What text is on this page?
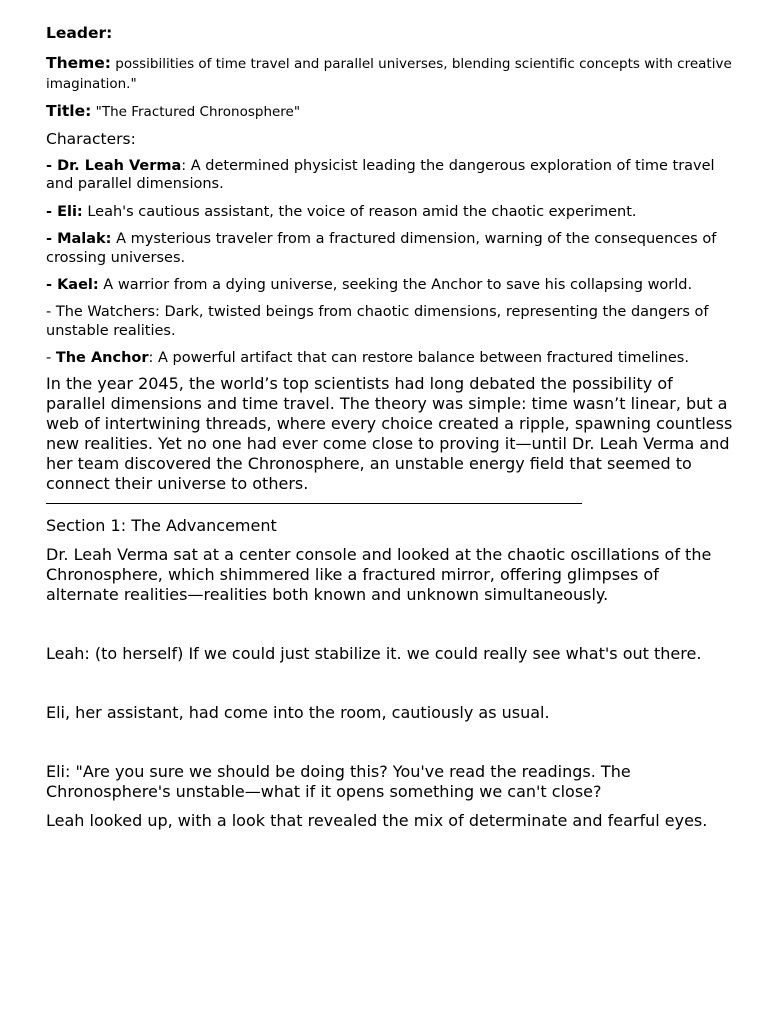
Leader:

Theme: possibilities of time travel and parallel universes, blending scientific concepts with creative imagination."

Title: "The Fractured Chronosphere"

Characters:

- Dr. Leah Verma: A determined physicist leading the dangerous exploration of time travel and parallel dimensions.

- Eli: Leah's cautious assistant, the voice of reason amid the chaotic experiment.

- Malak: A mysterious traveler from a fractured dimension, warning of the consequences of crossing universes.

- Kael: A warrior from a dying universe, seeking the Anchor to save his collapsing world.

- The Watchers: Dark, twisted beings from chaotic dimensions, representing the dangers of unstable realities.

- The Anchor: A powerful artifact that can restore balance between fractured timelines.

In the year 2045, the world’s top scientists had long debated the possibility of parallel dimensions and time travel. The theory was simple: time wasn’t linear, but a web of intertwining threads, where every choice created a ripple, spawning countless new realities. Yet no one had ever come close to proving it—until Dr. Leah Verma and her team discovered the Chronosphere, an unstable energy field that seemed to connect their universe to others.

Section 1: The Advancement

Dr. Leah Verma sat at a center console and looked at the chaotic oscillations of the Chronosphere, which shimmered like a fractured mirror, offering glimpses of alternate realities—realities both known and unknown simultaneously.

Leah: (to herself) If we could just stabilize it. we could really see what's out there.

Eli, her assistant, had come into the room, cautiously as usual.

Eli: "Are you sure we should be doing this? You've read the readings. The Chronosphere's unstable—what if it opens something we can't close?

Leah looked up, with a look that revealed the mix of determinate and fearful eyes.
